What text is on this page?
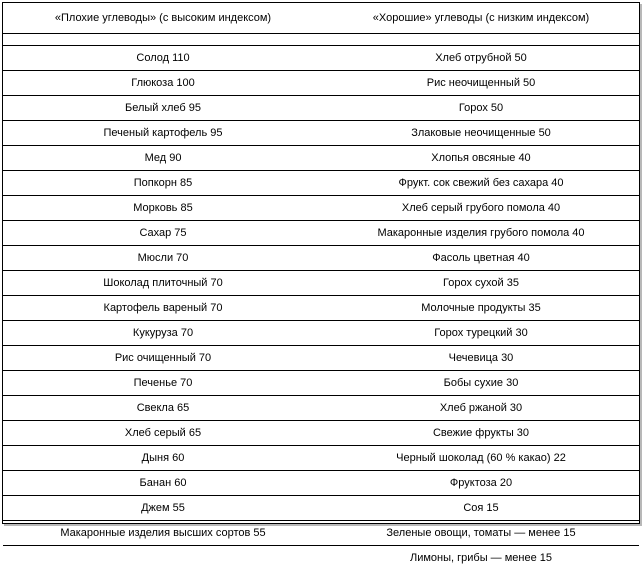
«Плохие углеводы» (с высоким индексом)	«Хорошие» углеводы (с низким индексом)

Солод 110	Хлеб отрубной 50
Глюкоза 100	Рис неочищенный 50
Белый хлеб 95	Горох 50
Печеный картофель 95	Злаковые неочищенные 50
Мед 90	Хлопья овсяные 40
Попкорн 85	Фрукт. сок свежий без сахара 40
Морковь 85	Хлеб серый грубого помола 40
Сахар 75	Макаронные изделия грубого помола 40
Мюсли 70	Фасоль цветная 40
Шоколад плиточный 70	Горох сухой 35
Картофель вареный 70	Молочные продукты 35
Кукуруза 70	Горох турецкий 30
Рис очищенный 70	Чечевица 30
Печенье 70	Бобы сухие 30
Свекла 65	Хлеб ржаной 30
Хлеб серый 65	Свежие фрукты 30
Дыня 60	Черный шоколад (60 % какао) 22
Банан 60	Фруктоза 20
Джем 55	Соя 15
Макаронные изделия высших сортов 55	Зеленые овощи, томаты — менее 15
	Лимоны, грибы — менее 15
